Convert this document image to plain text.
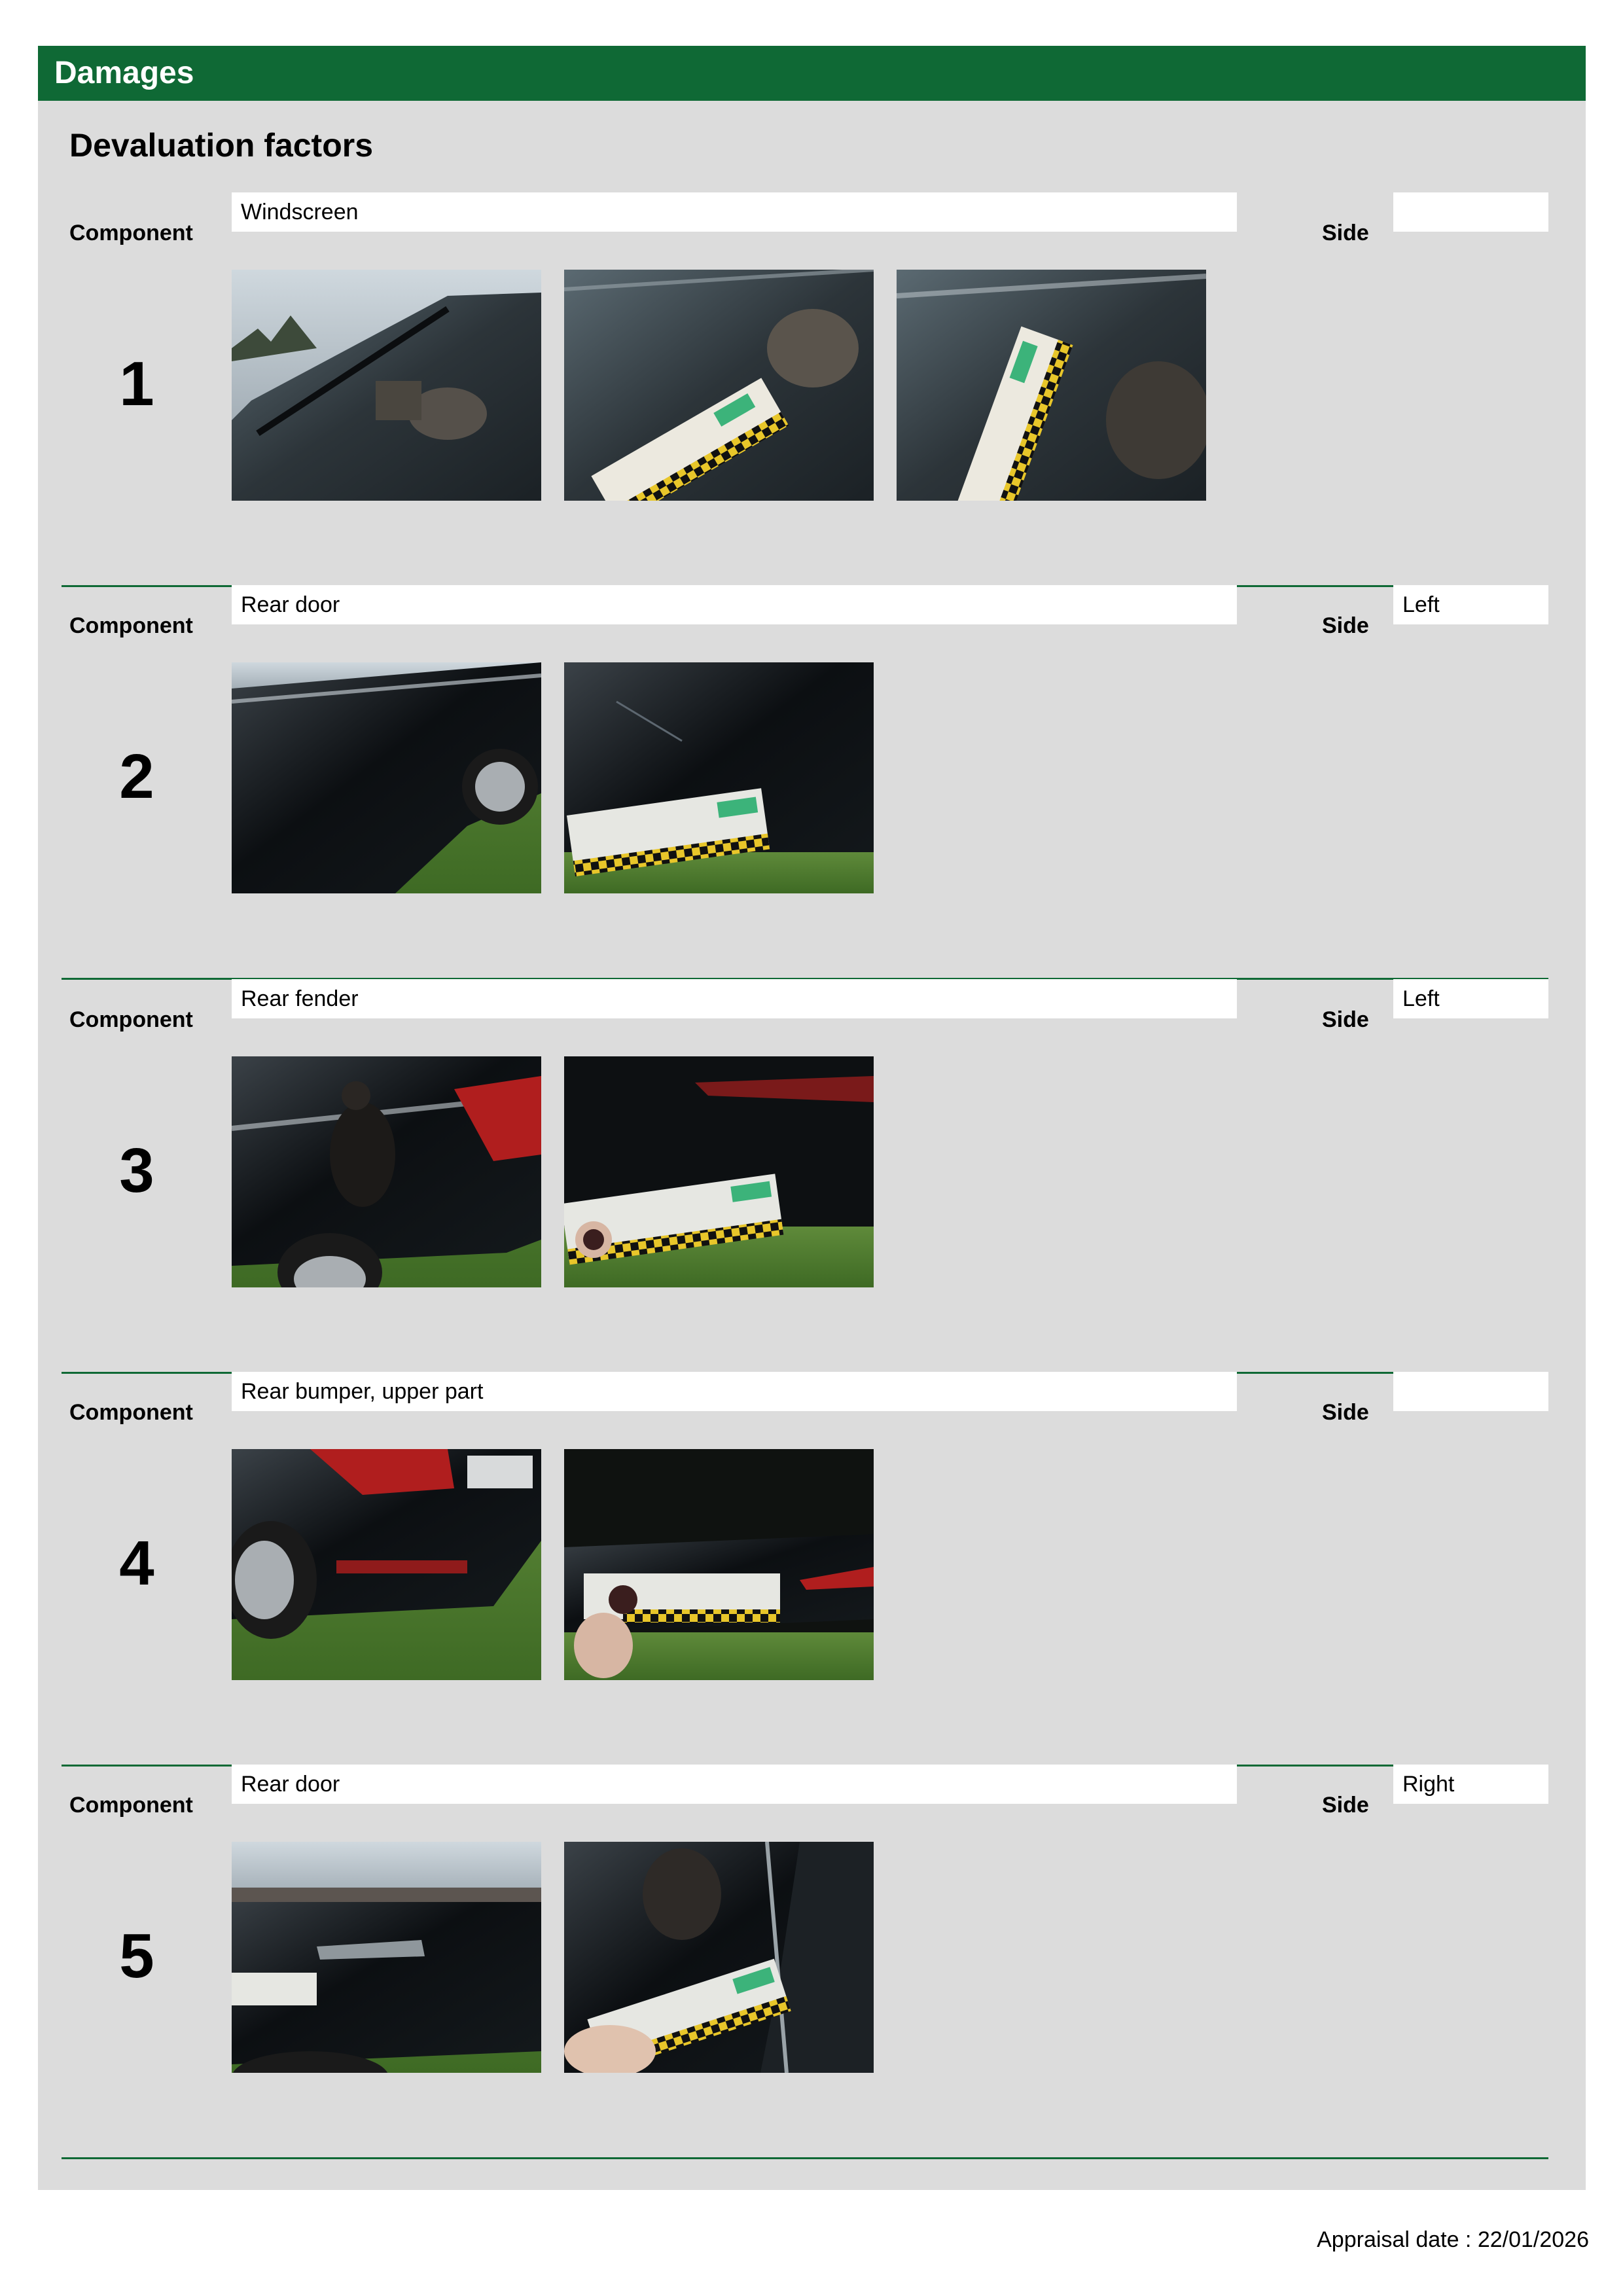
Damages
Devaluation factors
Component
Windscreen
Side
1
Component
Rear door
Side
Left
2
Component
Rear fender
Side
Left
3
Component
Rear bumper, upper part
Side
4
Component
Rear door
Side
Right
5
Appraisal date : 22/01/2026
